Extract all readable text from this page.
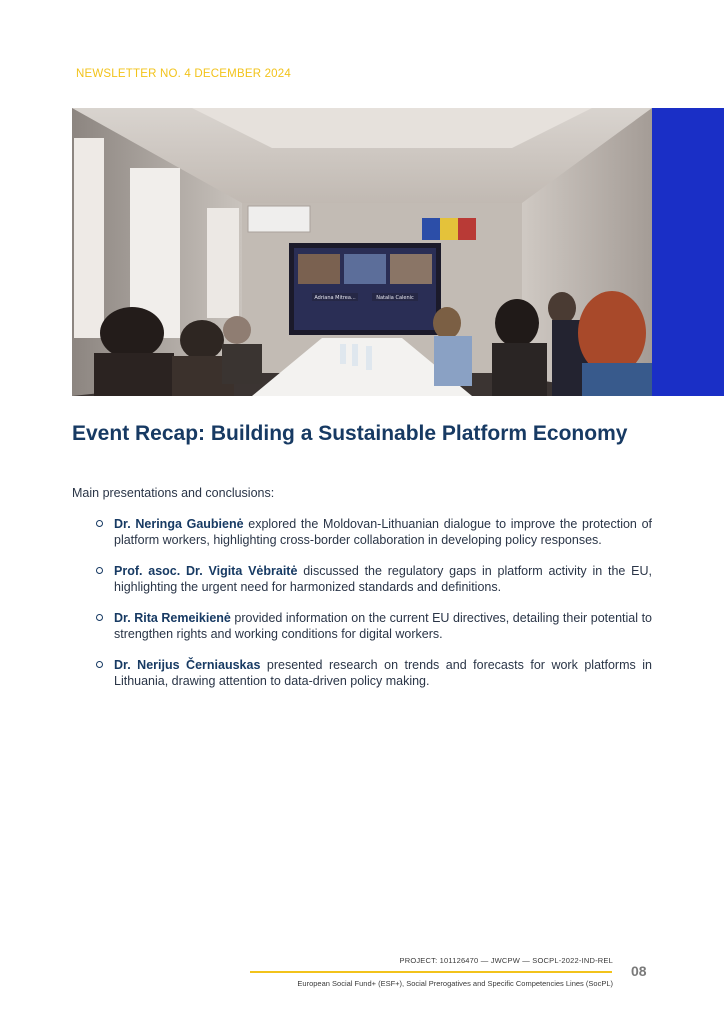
NEWSLETTER NO. 4 DECEMBER 2024
Adriana Mitrea...	Natalia Calenic
Event Recap: Building a Sustainable Platform Economy

Main presentations and conclusions:

Dr. Neringa Gaubienė explored the Moldovan-Lithuanian dialogue to improve the protection of platform workers, highlighting cross-border collaboration in developing policy responses.
Prof. asoc. Dr. Vigita Vėbraitė discussed the regulatory gaps in platform activity in the EU, highlighting the urgent need for harmonized standards and definitions.
Dr. Rita Remeikienė provided information on the current EU directives, detailing their potential to strengthen rights and working conditions for digital workers.
Dr. Nerijus Černiauskas presented research on trends and forecasts for work platforms in Lithuania, drawing attention to data-driven policy making.
PROJECT: 101126470 — JWCPW — SOCPL-2022-IND-REL
European Social Fund+ (ESF+), Social Prerogatives and Specific Competencies Lines (SocPL)
08
